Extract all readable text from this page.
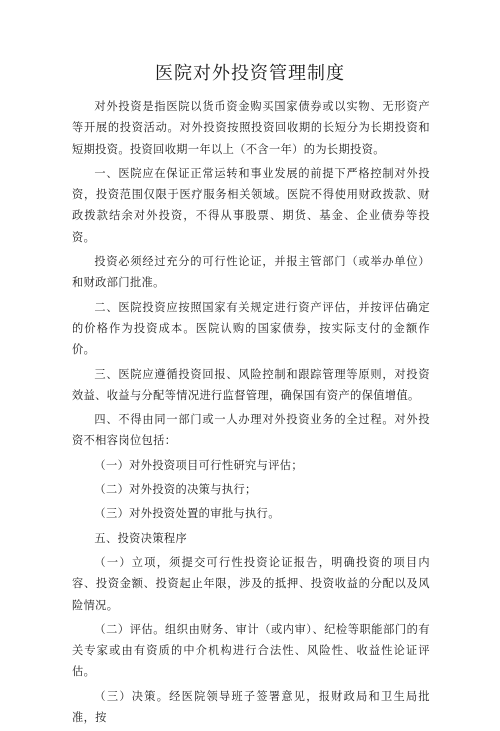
医院对外投资管理制度

对外投资是指医院以货币资金购买国家债券或以实物、无形资产等开展的投资活动。对外投资按照投资回收期的长短分为长期投资和短期投资。投资回收期一年以上（不含一年）的为长期投资。

一、医院应在保证正常运转和事业发展的前提下严格控制对外投资，投资范围仅限于医疗服务相关领域。医院不得使用财政拨款、财政拨款结余对外投资，不得从事股票、期货、基金、企业债券等投资。

投资必须经过充分的可行性论证，并报主管部门（或举办单位）和财政部门批准。

二、医院投资应按照国家有关规定进行资产评估，并按评估确定的价格作为投资成本。医院认购的国家债券，按实际支付的金额作价。

三、医院应遵循投资回报、风险控制和跟踪管理等原则，对投资效益、收益与分配等情况进行监督管理，确保国有资产的保值增值。

四、不得由同一部门或一人办理对外投资业务的全过程。对外投资不相容岗位包括：

（一）对外投资项目可行性研究与评估；

（二）对外投资的决策与执行；

（三）对外投资处置的审批与执行。

五、投资决策程序

（一）立项，须提交可行性投资论证报告，明确投资的项目内容、投资金额、投资起止年限，涉及的抵押、投资收益的分配以及风险情况。

（二）评估。组织由财务、审计（或内审）、纪检等职能部门的有关专家或由有资质的中介机构进行合法性、风险性、收益性论证评估。

（三）决策。经医院领导班子签署意见，报财政局和卫生局批准，按
